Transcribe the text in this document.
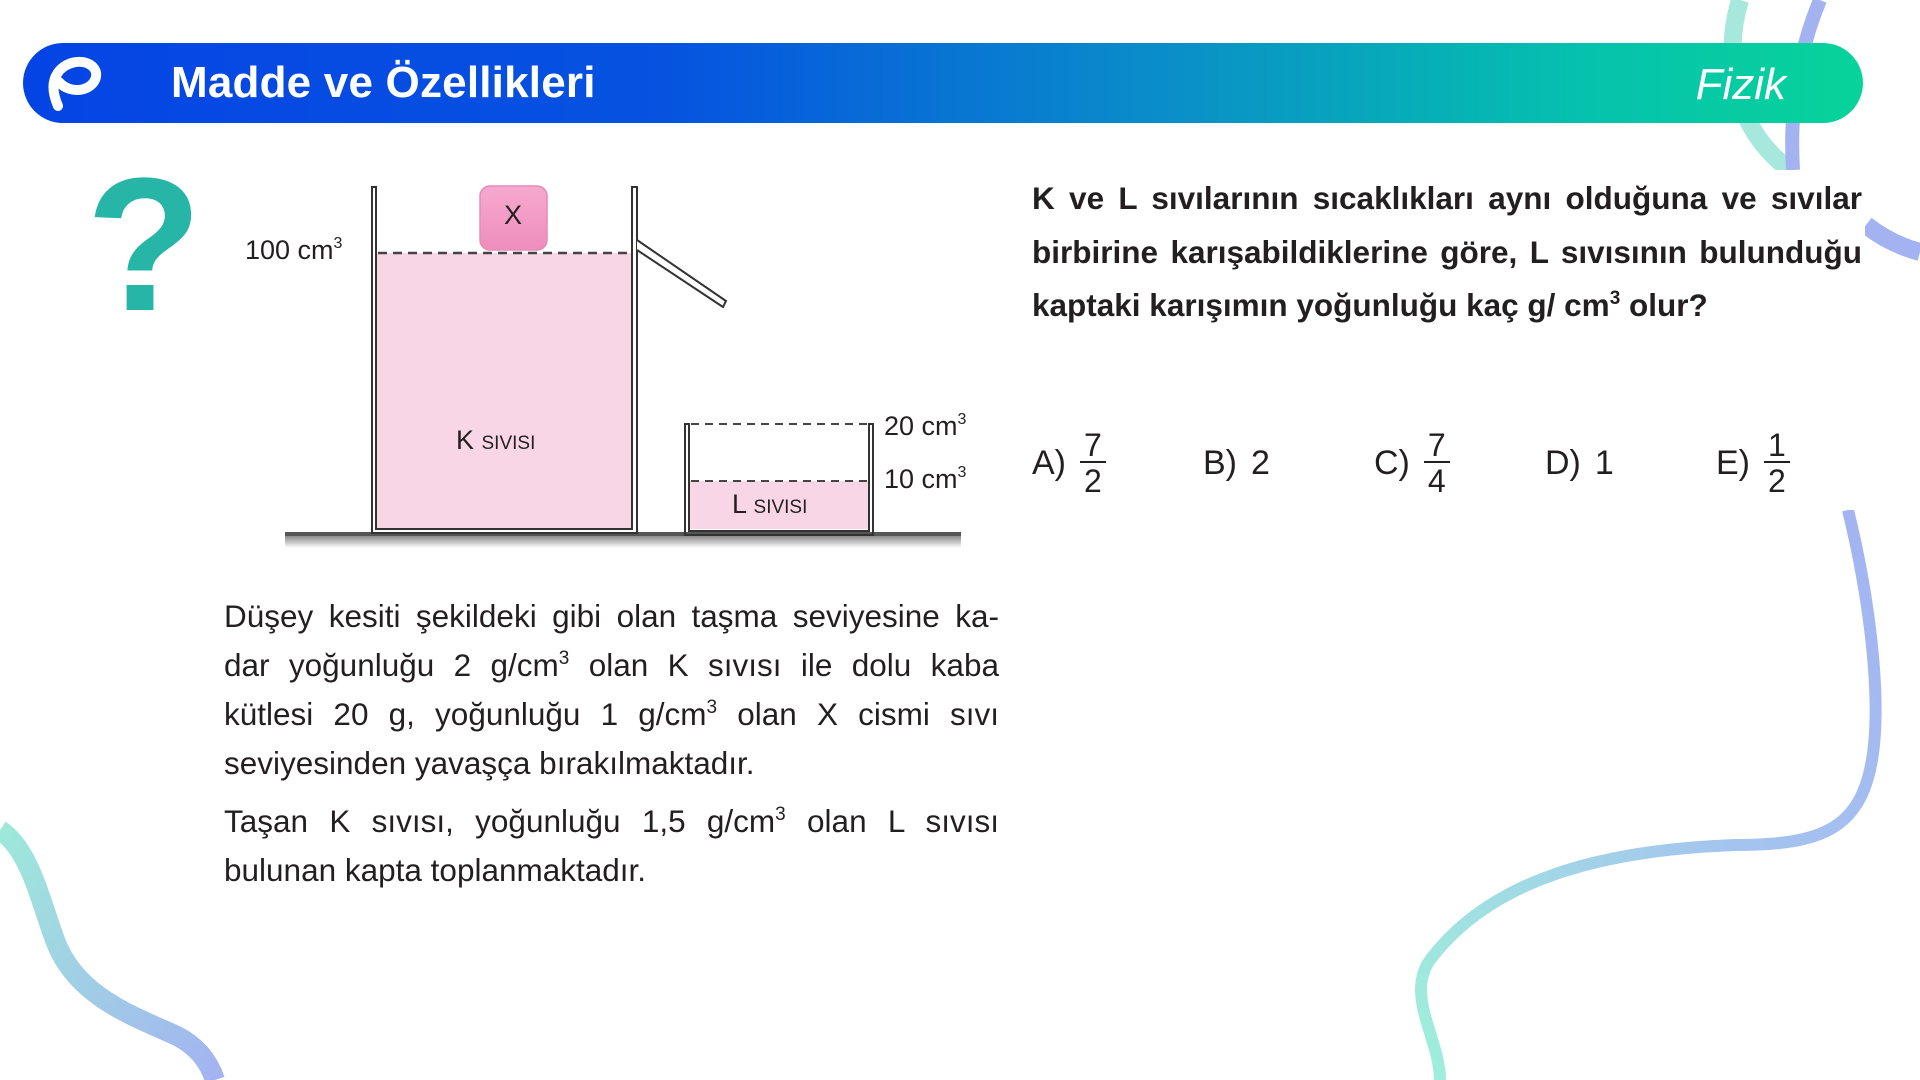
Madde ve Özellikleri	Fizik
? 100 $cm^3$
X
K sıvısı	20 $cm^3$
10 $cm^3$
L sıvısı
Düşey kesiti şekildeki gibi olan taşma seviyesine ka- dar yoğunluğu 2 $g/cm^3$ olan K sıvısı ile dolu kaba kütlesi 20 g, yoğunluğu 1 $g/cm^3$ olan X cismi sıvı seviyesinden yavaşça bırakılmaktadır.
Taşan K sıvısı, yoğunluğu 1,5 $g/cm^3$ olan L sıvısı bulunan kapta toplanmaktadır.
K ve L sıvılarının sıcaklıkları aynı olduğuna ve sıvılar birbirine karışabildiklerine göre, L sıvısının bulunduğu kaptaki karışımın yoğunluğu kaç g/ $cm^3$ olur?
$A) \frac{7}{2}$	B) 2	$C) \frac{7}{4}$	D) 1	$E) \frac{1}{2}$
